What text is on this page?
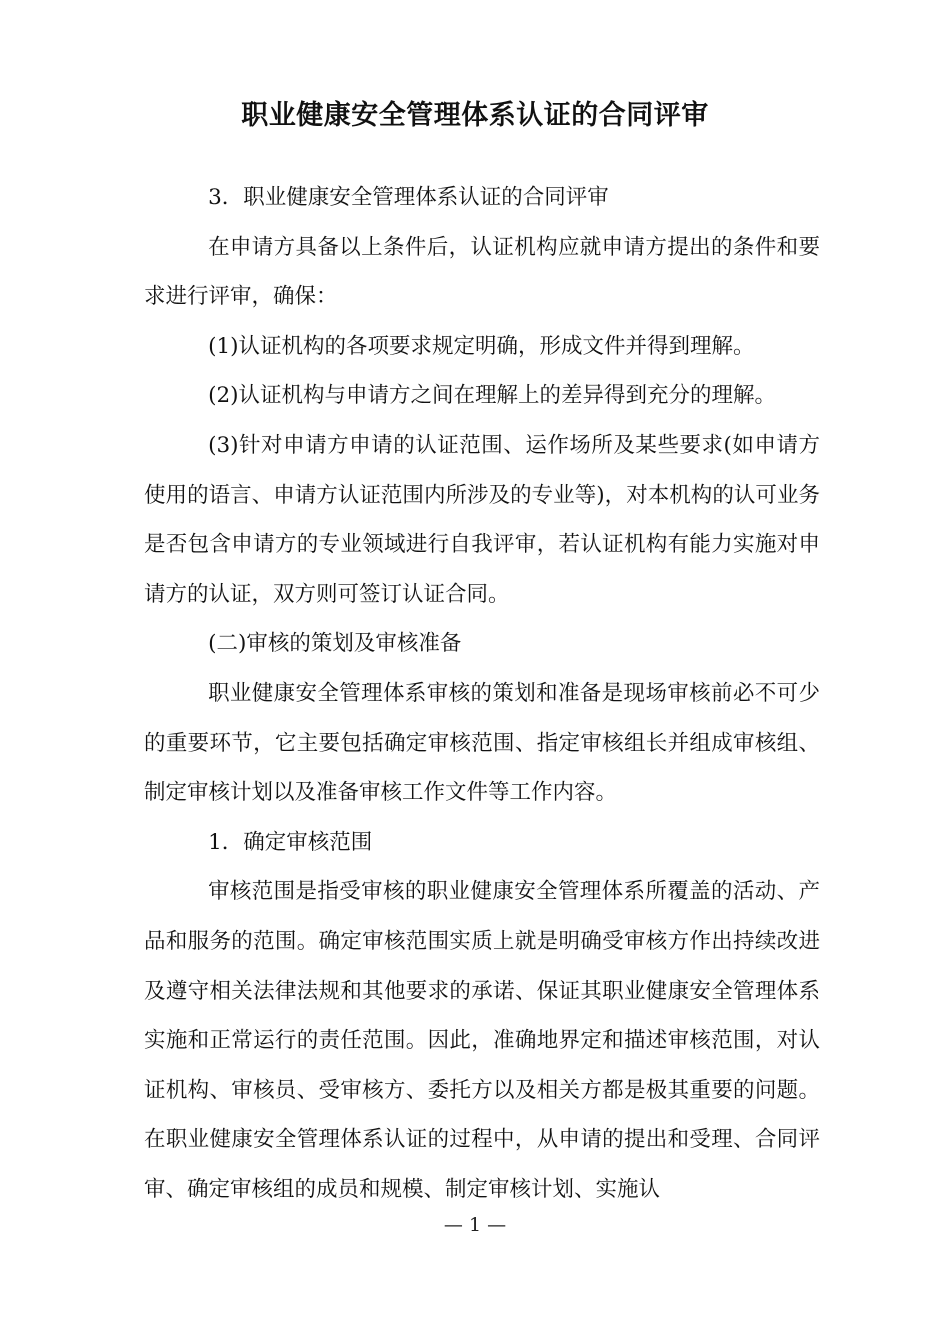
职业健康安全管理体系认证的合同评审

3．职业健康安全管理体系认证的合同评审

在申请方具备以上条件后，认证机构应就申请方提出的条件和要求进行评审，确保：

(1)认证机构的各项要求规定明确，形成文件并得到理解。

(2)认证机构与申请方之间在理解上的差异得到充分的理解。

(3)针对申请方申请的认证范围、运作场所及某些要求(如申请方使用的语言、申请方认证范围内所涉及的专业等)，对本机构的认可业务是否包含申请方的专业领域进行自我评审，若认证机构有能力实施对申请方的认证，双方则可签订认证合同。

(二)审核的策划及审核准备

职业健康安全管理体系审核的策划和准备是现场审核前必不可少的重要环节，它主要包括确定审核范围、指定审核组长并组成审核组、制定审核计划以及准备审核工作文件等工作内容。

1．确定审核范围

审核范围是指受审核的职业健康安全管理体系所覆盖的活动、产品和服务的范围。确定审核范围实质上就是明确受审核方作出持续改进及遵守相关法律法规和其他要求的承诺、保证其职业健康安全管理体系实施和正常运行的责任范围。因此，准确地界定和描述审核范围，对认证机构、审核员、受审核方、委托方以及相关方都是极其重要的问题。在职业健康安全管理体系认证的过程中，从申请的提出和受理、合同评审、确定审核组的成员和规模、制定审核计划、实施认

— 1 —
